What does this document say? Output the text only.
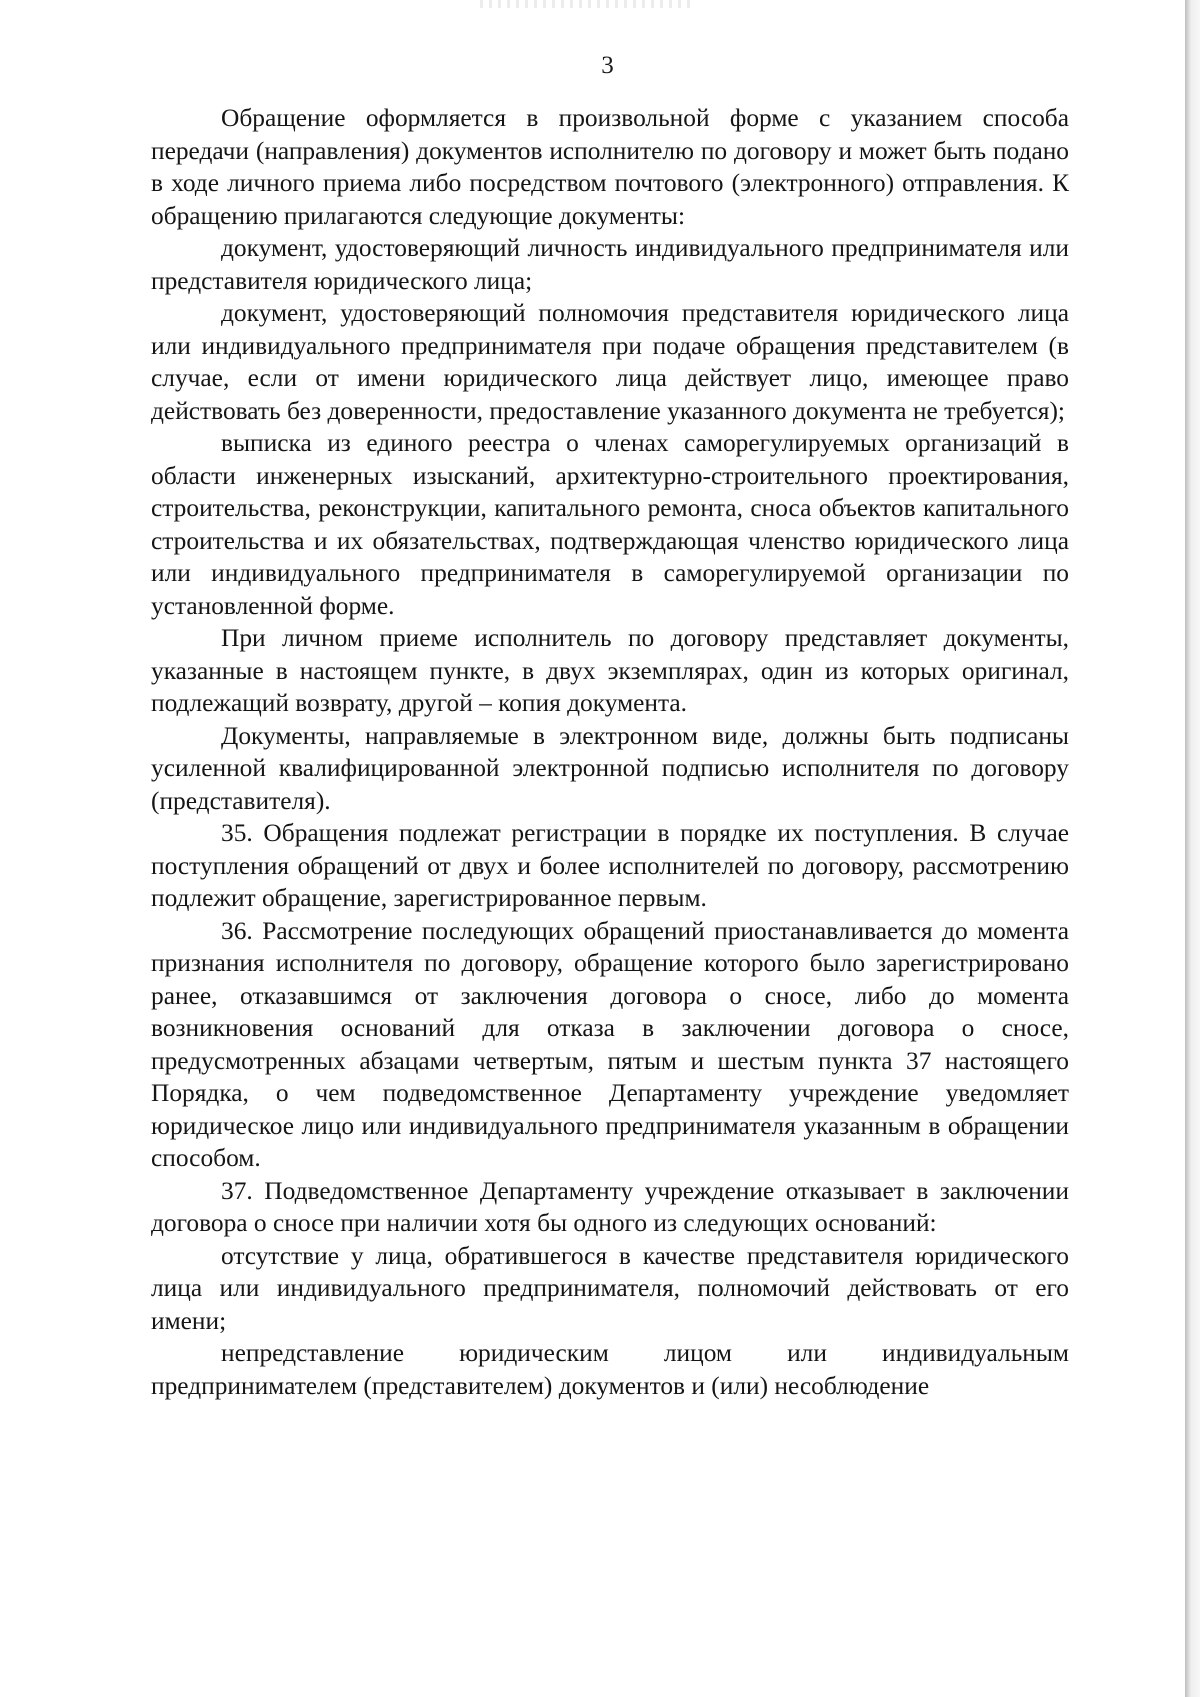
3

Обращение оформляется в произвольной форме с указанием способа передачи (направления) документов исполнителю по договору и может быть подано в ходе личного приема либо посредством почтового (электронного) отправления. К обращению прилагаются следующие документы:

документ, удостоверяющий личность индивидуального предпринимателя или представителя юридического лица;

документ, удостоверяющий полномочия представителя юридического лица или индивидуального предпринимателя при подаче обращения представителем (в случае, если от имени юридического лица действует лицо, имеющее право действовать без доверенности, предоставление указанного документа не требуется);

выписка из единого реестра о членах саморегулируемых организаций в области инженерных изысканий, архитектурно-строительного проектирования, строительства, реконструкции, капитального ремонта, сноса объектов капитального строительства и их обязательствах, подтверждающая членство юридического лица или индивидуального предпринимателя в саморегулируемой организации по установленной форме.

При личном приеме исполнитель по договору представляет документы, указанные в настоящем пункте, в двух экземплярах, один из которых оригинал, подлежащий возврату, другой – копия документа.

Документы, направляемые в электронном виде, должны быть подписаны усиленной квалифицированной электронной подписью исполнителя по договору (представителя).

35. Обращения подлежат регистрации в порядке их поступления. В случае поступления обращений от двух и более исполнителей по договору, рассмотрению подлежит обращение, зарегистрированное первым.

36. Рассмотрение последующих обращений приостанавливается до момента признания исполнителя по договору, обращение которого было зарегистрировано ранее, отказавшимся от заключения договора о сносе, либо до момента возникновения оснований для отказа в заключении договора о сносе, предусмотренных абзацами четвертым, пятым и шестым пункта 37 настоящего Порядка, о чем подведомственное Департаменту учреждение уведомляет юридическое лицо или индивидуального предпринимателя указанным в обращении способом.

37. Подведомственное Департаменту учреждение отказывает в заключении договора о сносе при наличии хотя бы одного из следующих оснований:

отсутствие у лица, обратившегося в качестве представителя юридического лица или индивидуального предпринимателя, полномочий действовать от его имени;

непредставление юридическим лицом или индивидуальным предпринимателем (представителем) документов и (или) несоблюдение
